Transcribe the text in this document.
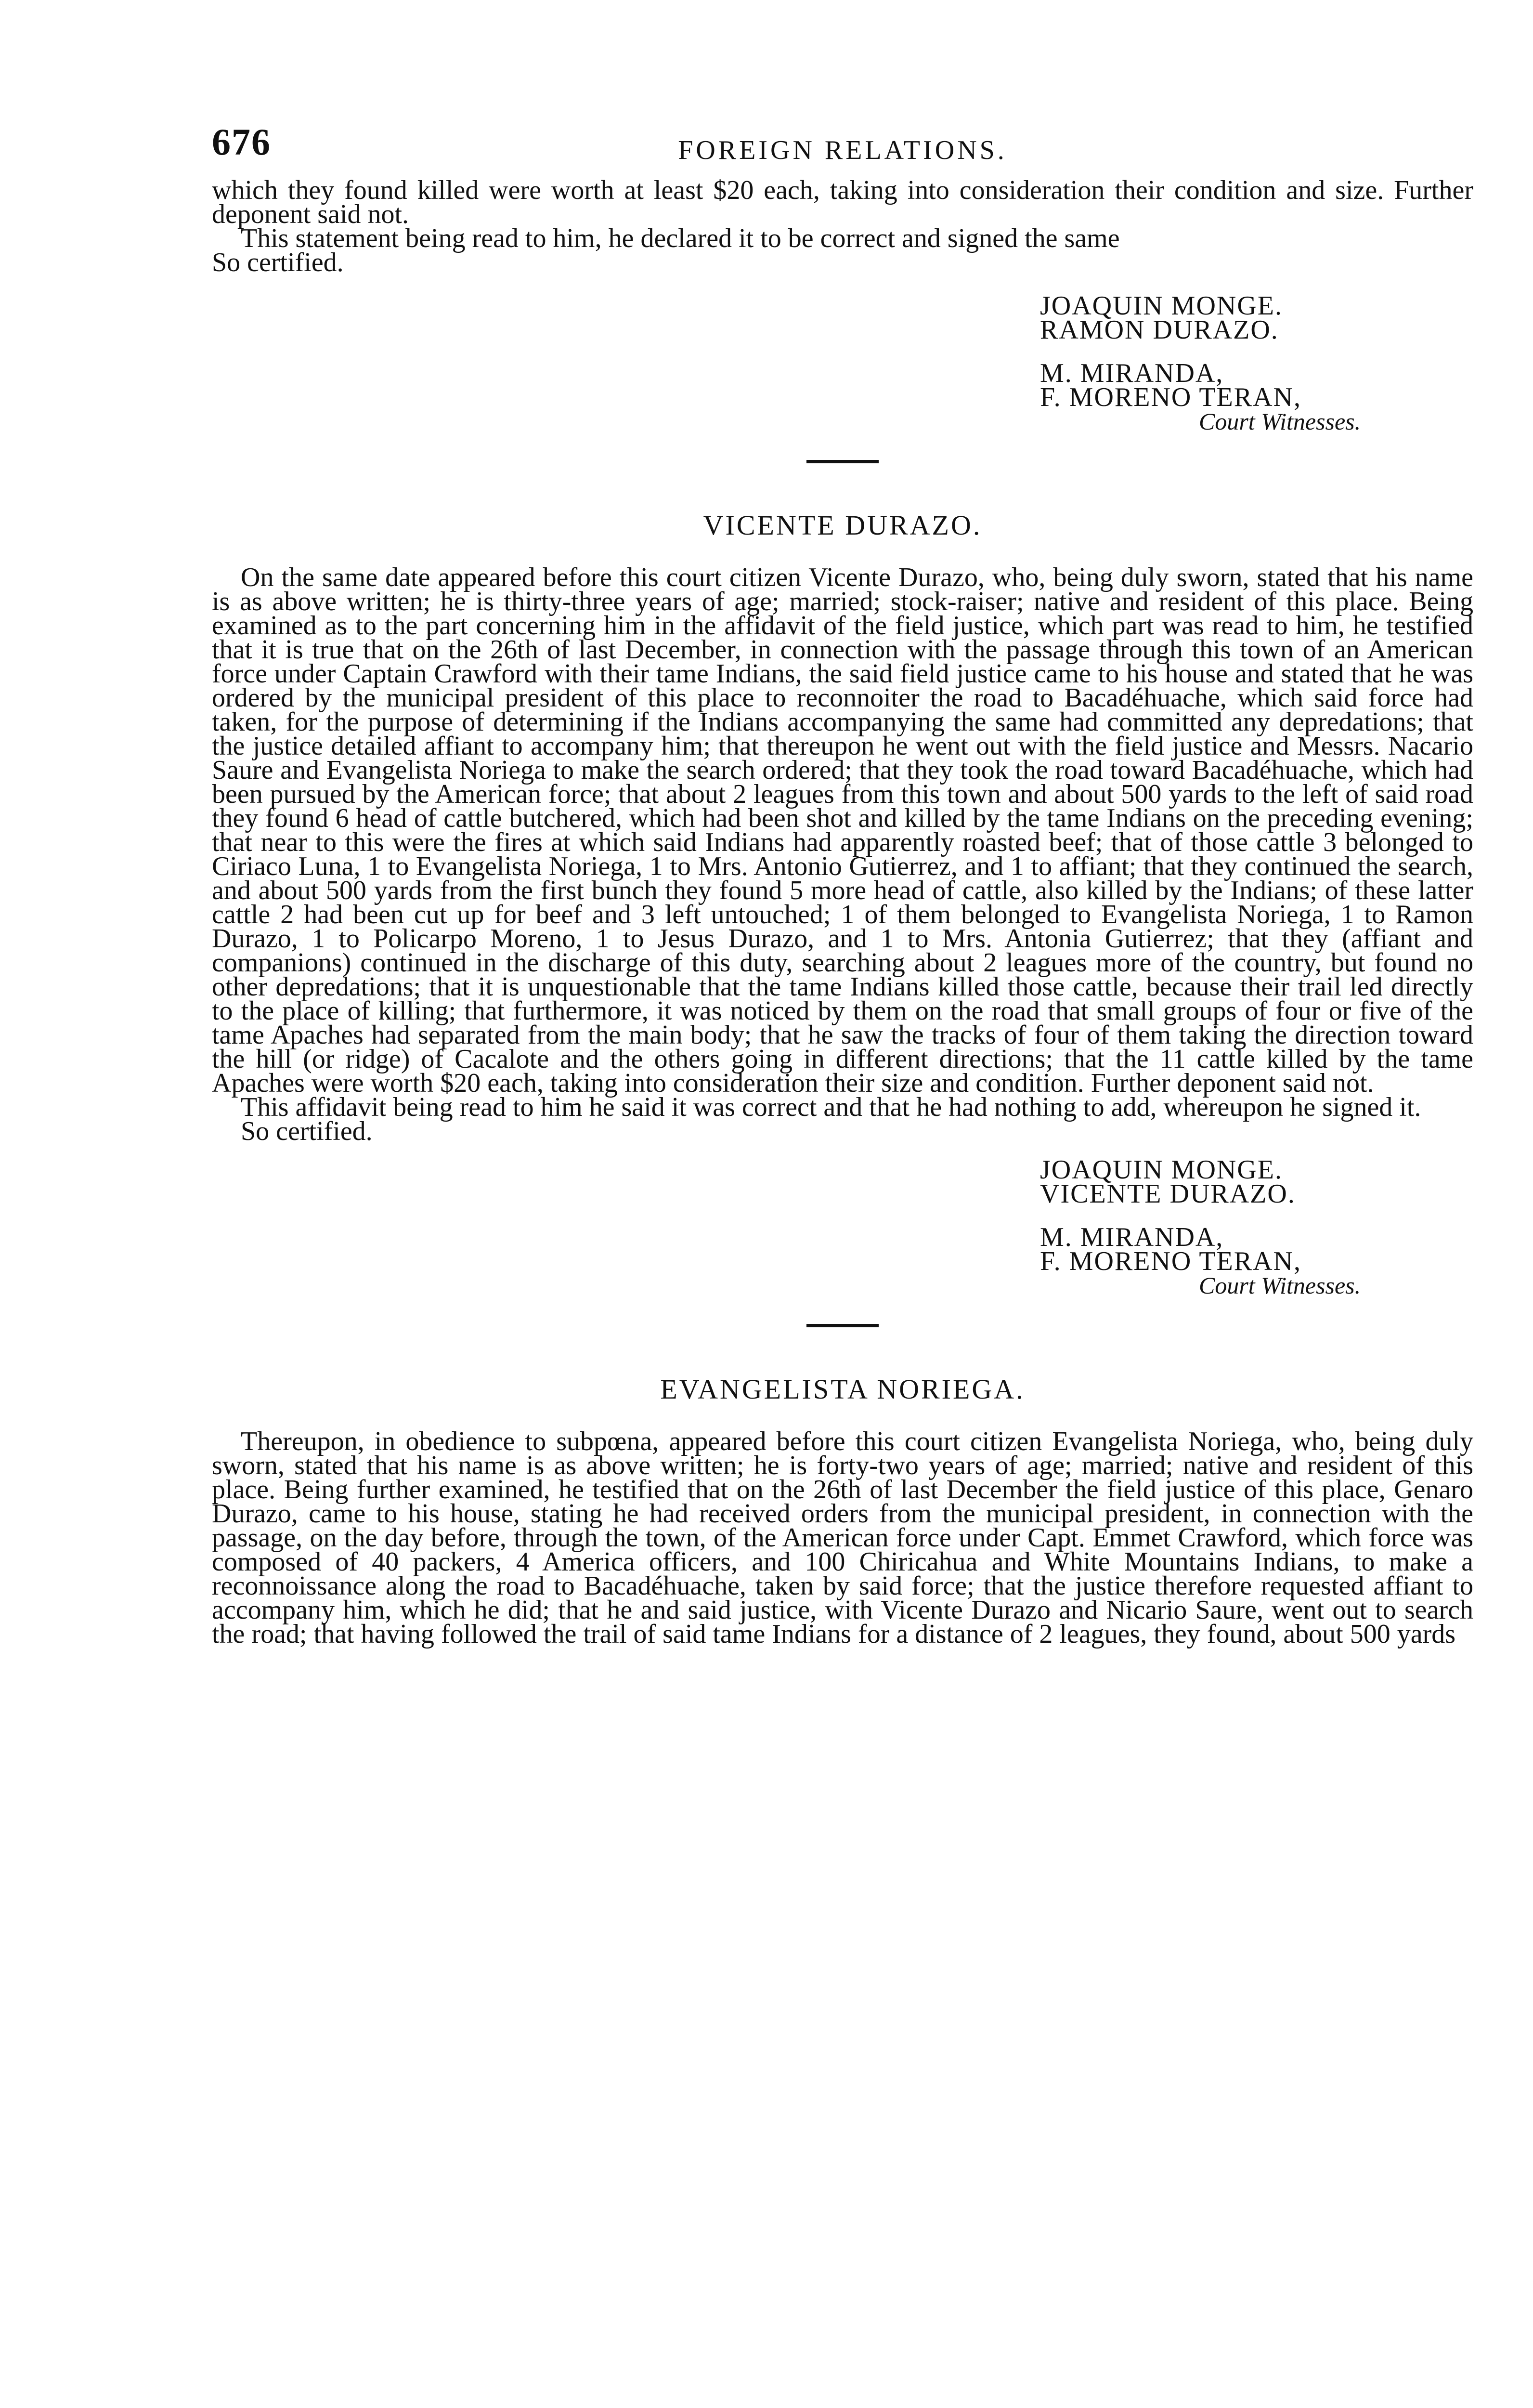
676	FOREIGN RELATIONS.

which they found killed were worth at least $20 each, taking into consideration their condition and size. Further deponent said not.

This statement being read to him, he declared it to be correct and signed the same

So certified.

JOAQUIN MONGE.
RAMON DURAZO.
M. MIRANDA,
F. MORENO TERAN,
Court Witnesses.
VICENTE DURAZO.

On the same date appeared before this court citizen Vicente Durazo, who, being duly sworn, stated that his name is as above written; he is thirty-three years of age; married; stock-raiser; native and resident of this place. Being examined as to the part concerning him in the affidavit of the field justice, which part was read to him, he testified that it is true that on the 26th of last December, in connection with the passage through this town of an American force under Captain Crawford with their tame Indians, the said field justice came to his house and stated that he was ordered by the municipal president of this place to reconnoiter the road to Bacadéhuache, which said force had taken, for the purpose of determining if the Indians accompanying the same had committed any depredations; that the justice detailed affiant to accompany him; that thereupon he went out with the field justice and Messrs. Nacario Saure and Evangelista Noriega to make the search ordered; that they took the road toward Bacadéhuache, which had been pursued by the American force; that about 2 leagues from this town and about 500 yards to the left of said road they found 6 head of cattle butchered, which had been shot and killed by the tame Indians on the preceding evening; that near to this were the fires at which said Indians had apparently roasted beef; that of those cattle 3 belonged to Ciriaco Luna, 1 to Evangelista Noriega, 1 to Mrs. Antonio Gutierrez, and 1 to affiant; that they continued the search, and about 500 yards from the first bunch they found 5 more head of cattle, also killed by the Indians; of these latter cattle 2 had been cut up for beef and 3 left untouched; 1 of them belonged to Evangelista Noriega, 1 to Ramon Durazo, 1 to Policarpo Moreno, 1 to Jesus Durazo, and 1 to Mrs. Antonia Gutierrez; that they (affiant and companions) continued in the discharge of this duty, searching about 2 leagues more of the country, but found no other depredations; that it is unquestionable that the tame Indians killed those cattle, because their trail led directly to the place of killing; that furthermore, it was noticed by them on the road that small groups of four or five of the tame Apaches had separated from the main body; that he saw the tracks of four of them taking the direction toward the hill (or ridge) of Cacalote and the others going in different directions; that the 11 cattle killed by the tame Apaches were worth $20 each, taking into consideration their size and condition. Further deponent said not.

This affidavit being read to him he said it was correct and that he had nothing to add, whereupon he signed it.

So certified.

JOAQUIN MONGE.
VICENTE DURAZO.
M. MIRANDA,
F. MORENO TERAN,
Court Witnesses.
EVANGELISTA NORIEGA.

Thereupon, in obedience to subpœna, appeared before this court citizen Evangelista Noriega, who, being duly sworn, stated that his name is as above written; he is forty-two years of age; married; native and resident of this place. Being further examined, he testified that on the 26th of last December the field justice of this place, Genaro Durazo, came to his house, stating he had received orders from the municipal president, in connection with the passage, on the day before, through the town, of the American force under Capt. Emmet Crawford, which force was composed of 40 packers, 4 America officers, and 100 Chiricahua and White Mountains Indians, to make a reconnoissance along the road to Bacadéhuache, taken by said force; that the justice therefore requested affiant to accompany him, which he did; that he and said justice, with Vicente Durazo and Nicario Saure, went out to search the road; that having followed the trail of said tame Indians for a distance of 2 leagues, they found, about 500 yards
